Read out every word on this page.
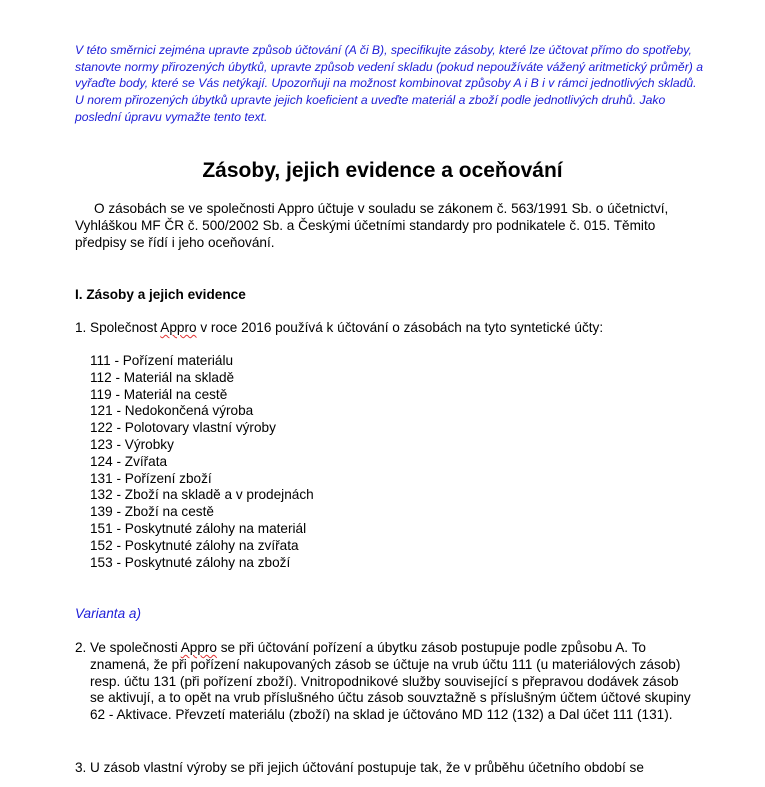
V této směrnici zejména upravte způsob účtování (A či B), specifikujte zásoby, které lze účtovat přímo do spotřeby, stanovte normy přirozených úbytků, upravte způsob vedení skladu (pokud nepoužíváte vážený aritmetický průměr) a vyřaďte body, které se Vás netýkají. Upozorňuji na možnost kombinovat způsoby A i B i v rámci jednotlivých skladů. U norem přirozených úbytků upravte jejich koeficient a uveďte materiál a zboží podle jednotlivých druhů. Jako poslední úpravu vymažte tento text.
Zásoby, jejich evidence a oceňování
O zásobách se ve společnosti Appro účtuje v souladu se zákonem č. 563/1991 Sb. o účetnictví, Vyhláškou MF ČR č. 500/2002 Sb. a Českými účetními standardy pro podnikatele č. 015. Těmito předpisy se řídí i jeho oceňování.
I. Zásoby a jejich evidence
1. Společnost Appro v roce 2016 používá k účtování o zásobách na tyto syntetické účty:
111 - Pořízení materiálu
112 - Materiál na skladě
119 - Materiál na cestě
121 - Nedokončená výroba
122 - Polotovary vlastní výroby
123 - Výrobky
124 - Zvířata
131 - Pořízení zboží
132 - Zboží na skladě a v prodejnách
139 - Zboží na cestě
151 - Poskytnuté zálohy na materiál
152 - Poskytnuté zálohy na zvířata
153 - Poskytnuté zálohy na zboží
Varianta a)
2. Ve společnosti Appro se při účtování pořízení a úbytku zásob postupuje podle způsobu A. To znamená, že při pořízení nakupovaných zásob se účtuje na vrub účtu 111 (u materiálových zásob) resp. účtu 131 (při pořízení zboží). Vnitropodnikové služby související s přepravou dodávek zásob se aktivují, a to opět na vrub příslušného účtu zásob souvztažně s příslušným účtem účtové skupiny 62 - Aktivace. Převzetí materiálu (zboží) na sklad je účtováno MD 112 (132) a Dal účet 111 (131).
3. U zásob vlastní výroby se při jejich účtování postupuje tak, že v průběhu účetního období se
